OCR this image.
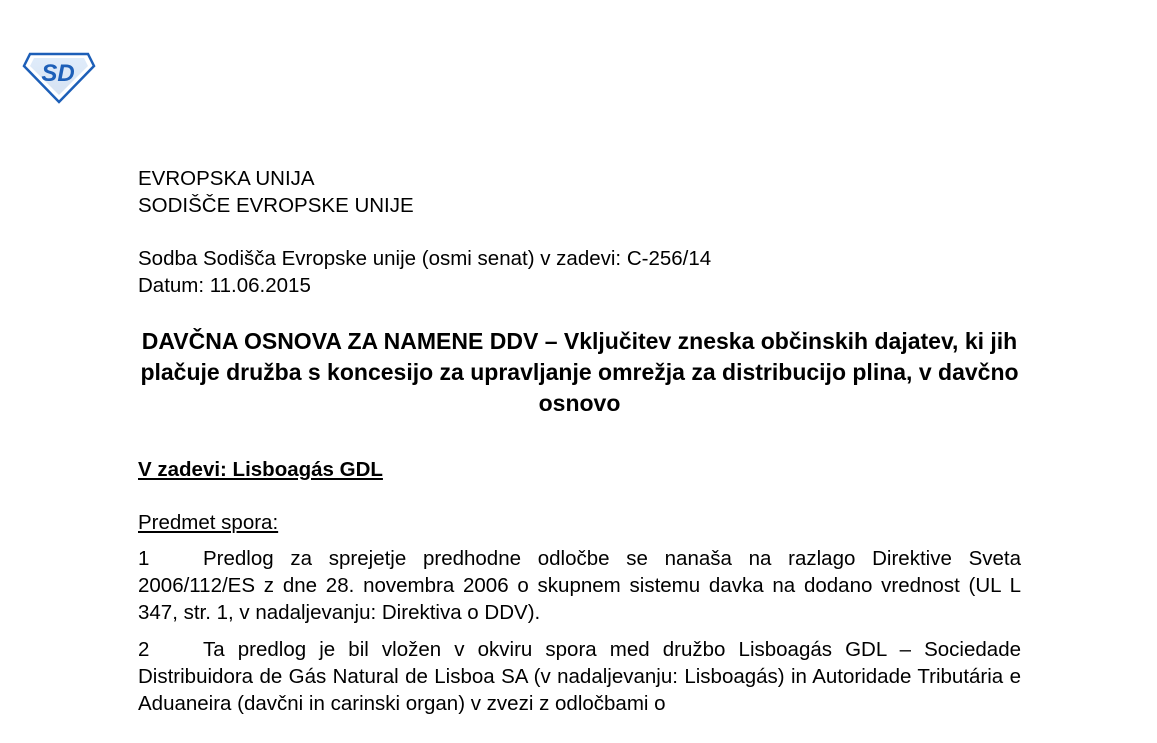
SD
EVROPSKA UNIJA
SODIŠČE EVROPSKE UNIJE
Sodba Sodišča Evropske unije (osmi senat) v zadevi: C-256/14
Datum: 11.06.2015
DAVČNA OSNOVA ZA NAMENE DDV – Vključitev zneska občinskih dajatev, ki jih plačuje družba s koncesijo za upravljanje omrežja za distribucijo plina, v davčno osnovo
V zadevi: Lisboagás GDL
Predmet spora:
1	Predlog za sprejetje predhodne odločbe se nanaša na razlago Direktive Sveta 2006/112/ES z dne 28. novembra 2006 o skupnem sistemu davka na dodano vrednost (UL L 347, str. 1, v nadaljevanju: Direktiva o DDV).
2	Ta predlog je bil vložen v okviru spora med družbo Lisboagás GDL – Sociedade Distribuidora de Gás Natural de Lisboa SA (v nadaljevanju: Lisboagás) in Autoridade Tributária e Aduaneira (davčni in carinski organ) v zvezi z odločbami o
